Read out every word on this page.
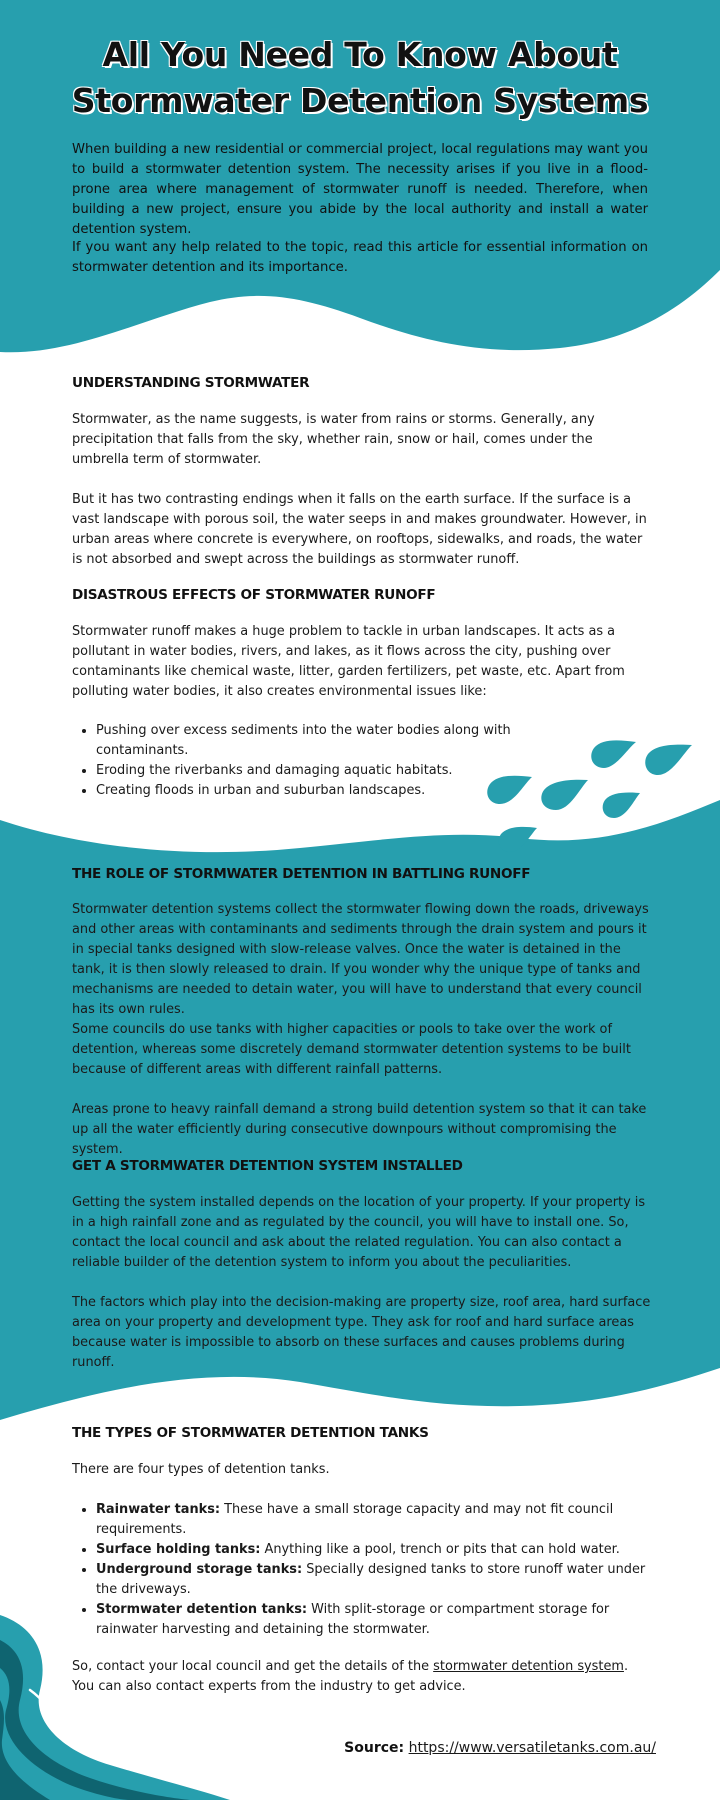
All You Need To Know About
Stormwater Detention Systems

When building a new residential or commercial project, local regulations may want you to build a stormwater detention system. The necessity arises if you live in a flood-prone area where management of stormwater runoff is needed. Therefore, when building a new project, ensure you abide by the local authority and install a water detention system.

If you want any help related to the topic, read this article for essential information on stormwater detention and its importance.

UNDERSTANDING STORMWATER

Stormwater, as the name suggests, is water from rains or storms. Generally, any precipitation that falls from the sky, whether rain, snow or hail, comes under the umbrella term of stormwater.

But it has two contrasting endings when it falls on the earth surface. If the surface is a vast landscape with porous soil, the water seeps in and makes groundwater. However, in urban areas where concrete is everywhere, on rooftops, sidewalks, and roads, the water is not absorbed and swept across the buildings as stormwater runoff.

DISASTROUS EFFECTS OF STORMWATER RUNOFF

Stormwater runoff makes a huge problem to tackle in urban landscapes. It acts as a pollutant in water bodies, rivers, and lakes, as it flows across the city, pushing over contaminants like chemical waste, litter, garden fertilizers, pet waste, etc. Apart from polluting water bodies, it also creates environmental issues like:

• Pushing over excess sediments into the water bodies along with contaminants.
• Eroding the riverbanks and damaging aquatic habitats.
• Creating floods in urban and suburban landscapes.
THE ROLE OF STORMWATER DETENTION IN BATTLING RUNOFF

Stormwater detention systems collect the stormwater flowing down the roads, driveways and other areas with contaminants and sediments through the drain system and pours it in special tanks designed with slow-release valves. Once the water is detained in the tank, it is then slowly released to drain. If you wonder why the unique type of tanks and mechanisms are needed to detain water, you will have to understand that every council has its own rules.

Some councils do use tanks with higher capacities or pools to take over the work of detention, whereas some discretely demand stormwater detention systems to be built because of different areas with different rainfall patterns.

Areas prone to heavy rainfall demand a strong build detention system so that it can take up all the water efficiently during consecutive downpours without compromising the system.

GET A STORMWATER DETENTION SYSTEM INSTALLED

Getting the system installed depends on the location of your property. If your property is in a high rainfall zone and as regulated by the council, you will have to install one. So, contact the local council and ask about the related regulation. You can also contact a reliable builder of the detention system to inform you about the peculiarities.

The factors which play into the decision-making are property size, roof area, hard surface area on your property and development type. They ask for roof and hard surface areas because water is impossible to absorb on these surfaces and causes problems during runoff.

THE TYPES OF STORMWATER DETENTION TANKS

There are four types of detention tanks.

• Rainwater tanks: These have a small storage capacity and may not fit council requirements.
• Surface holding tanks: Anything like a pool, trench or pits that can hold water.
• Underground storage tanks: Specially designed tanks to store runoff water under the driveways.
• Stormwater detention tanks: With split-storage or compartment storage for rainwater harvesting and detaining the stormwater.

So, contact your local council and get the details of the stormwater detention system. You can also contact experts from the industry to get advice.

Source: https://www.versatiletanks.com.au/
